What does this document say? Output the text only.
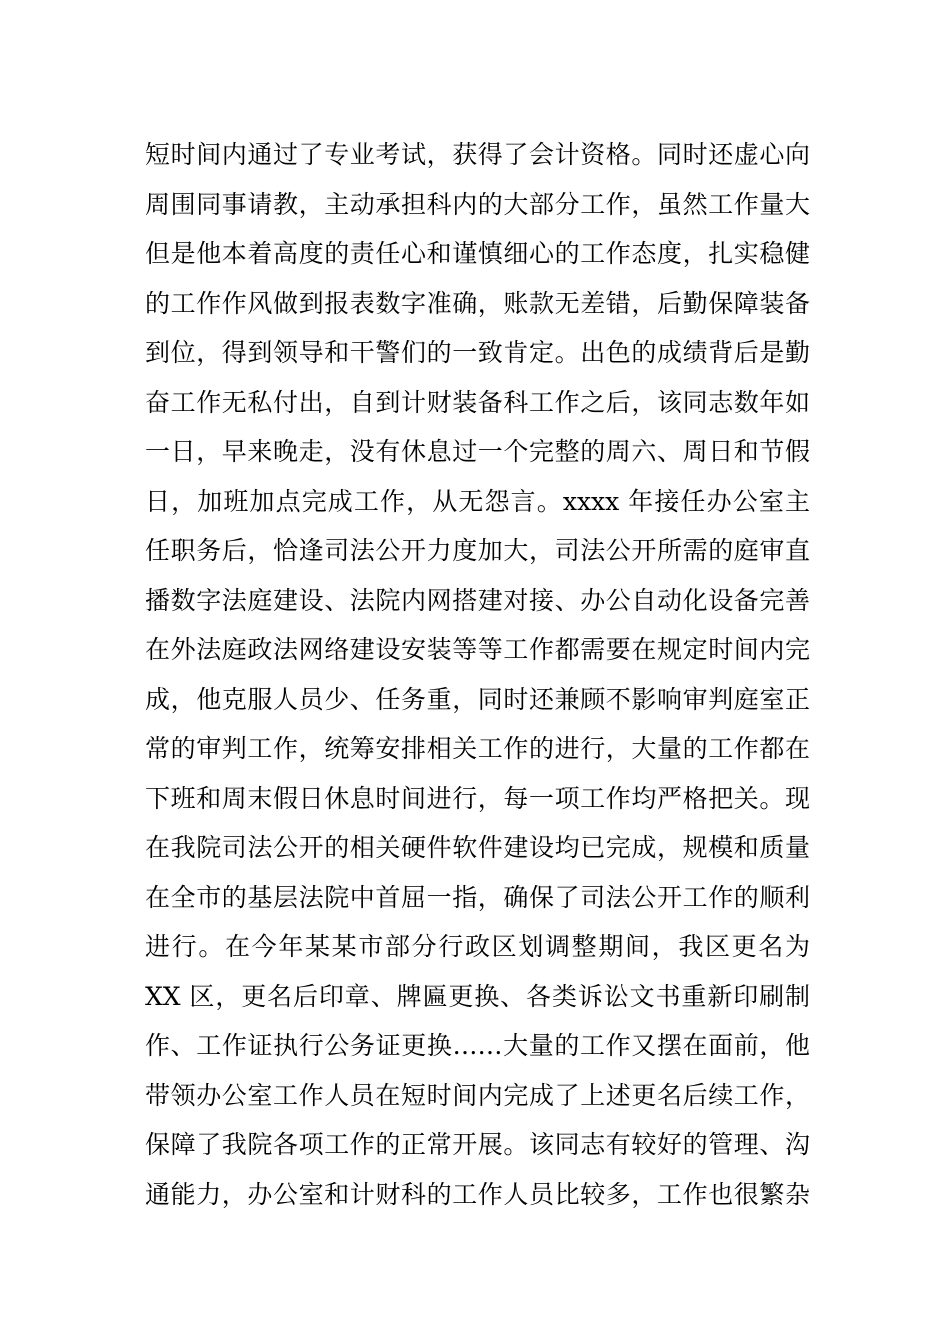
短时间内通过了专业考试，获得了会计资格。同时还虚心向
周围同事请教，主动承担科内的大部分工作，虽然工作量大
但是他本着高度的责任心和谨慎细心的工作态度，扎实稳健
的工作作风做到报表数字准确，账款无差错，后勤保障装备
到位，得到领导和干警们的一致肯定。出色的成绩背后是勤
奋工作无私付出，自到计财装备科工作之后，该同志数年如
一日，早来晚走，没有休息过一个完整的周六、周日和节假
日，加班加点完成工作，从无怨言。xxxx 年接任办公室主
任职务后，恰逢司法公开力度加大，司法公开所需的庭审直
播数字法庭建设、法院内网搭建对接、办公自动化设备完善
在外法庭政法网络建设安装等等工作都需要在规定时间内完
成，他克服人员少、任务重，同时还兼顾不影响审判庭室正
常的审判工作，统筹安排相关工作的进行，大量的工作都在
下班和周末假日休息时间进行，每一项工作均严格把关。现
在我院司法公开的相关硬件软件建设均已完成，规模和质量
在全市的基层法院中首屈一指，确保了司法公开工作的顺利
进行。在今年某某市部分行政区划调整期间，我区更名为
XX 区，更名后印章、牌匾更换、各类诉讼文书重新印刷制
作、工作证执行公务证更换……大量的工作又摆在面前，他
带领办公室工作人员在短时间内完成了上述更名后续工作，
保障了我院各项工作的正常开展。该同志有较好的管理、沟
通能力，办公室和计财科的工作人员比较多，工作也很繁杂
